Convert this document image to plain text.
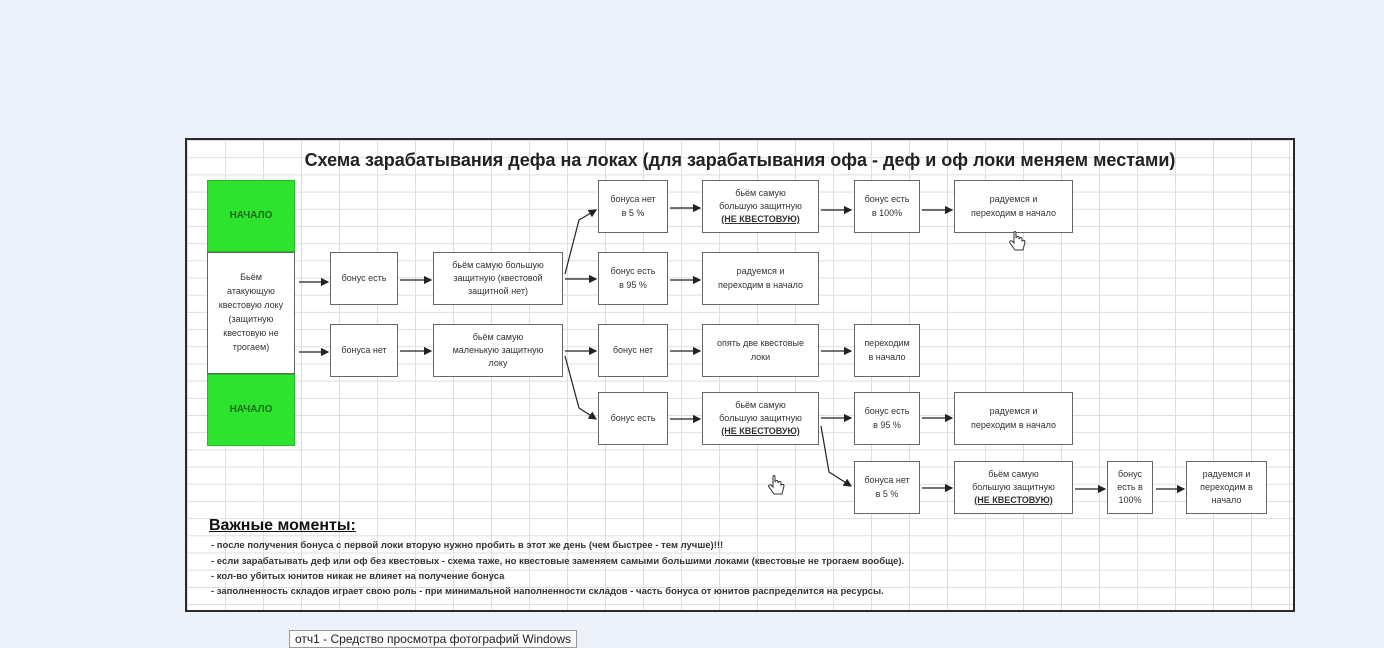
Схема зарабатывания дефа на локах (для зарабатывания офа - деф и оф локи меняем местами)
НАЧАЛО
НАЧАЛО
Бьём
атакующую
квестовую локу
(защитную
квестовую не
трогаем)
бонус есть
бонуса нет
бьём самую большую
защитную (квестовой
защитной нет)
бьём самую
маленькую защитную
локу
бонуса нет
в 5 %
бонус есть
в 95 %
бонус нет
бонус есть
бьём самую
большую защитную
(НЕ КВЕСТОВУЮ)
радуемся и
переходим в начало
опять две квестовые
локи
бьём самую
большую защитную
(НЕ КВЕСТОВУЮ)
бонус есть
в 100%
переходим
в начало
бонус есть
в 95 %
бонуса нет
в 5 %
радуемся и
переходим в начало
радуемся и
переходим в начало
бьём самую
большую защитную
(НЕ КВЕСТОВУЮ)
бонус
есть в
100%
радуемся и
переходим в
начало
Важные моменты:
- после получения бонуса с первой локи вторую нужно пробить в этот же день (чем быстрее - тем лучше)!!!
- если зарабатывать деф или оф без квестовых - схема таже, но квестовые заменяем самыми большими локами (квестовые не трогаем вообще).
- кол-во убитых юнитов никак не влияет на получение бонуса
- заполненность складов играет свою роль - при минимальной наполненности складов - часть бонуса от юнитов распределится на ресурсы.
отч1 - Средство просмотра фотографий Windows
